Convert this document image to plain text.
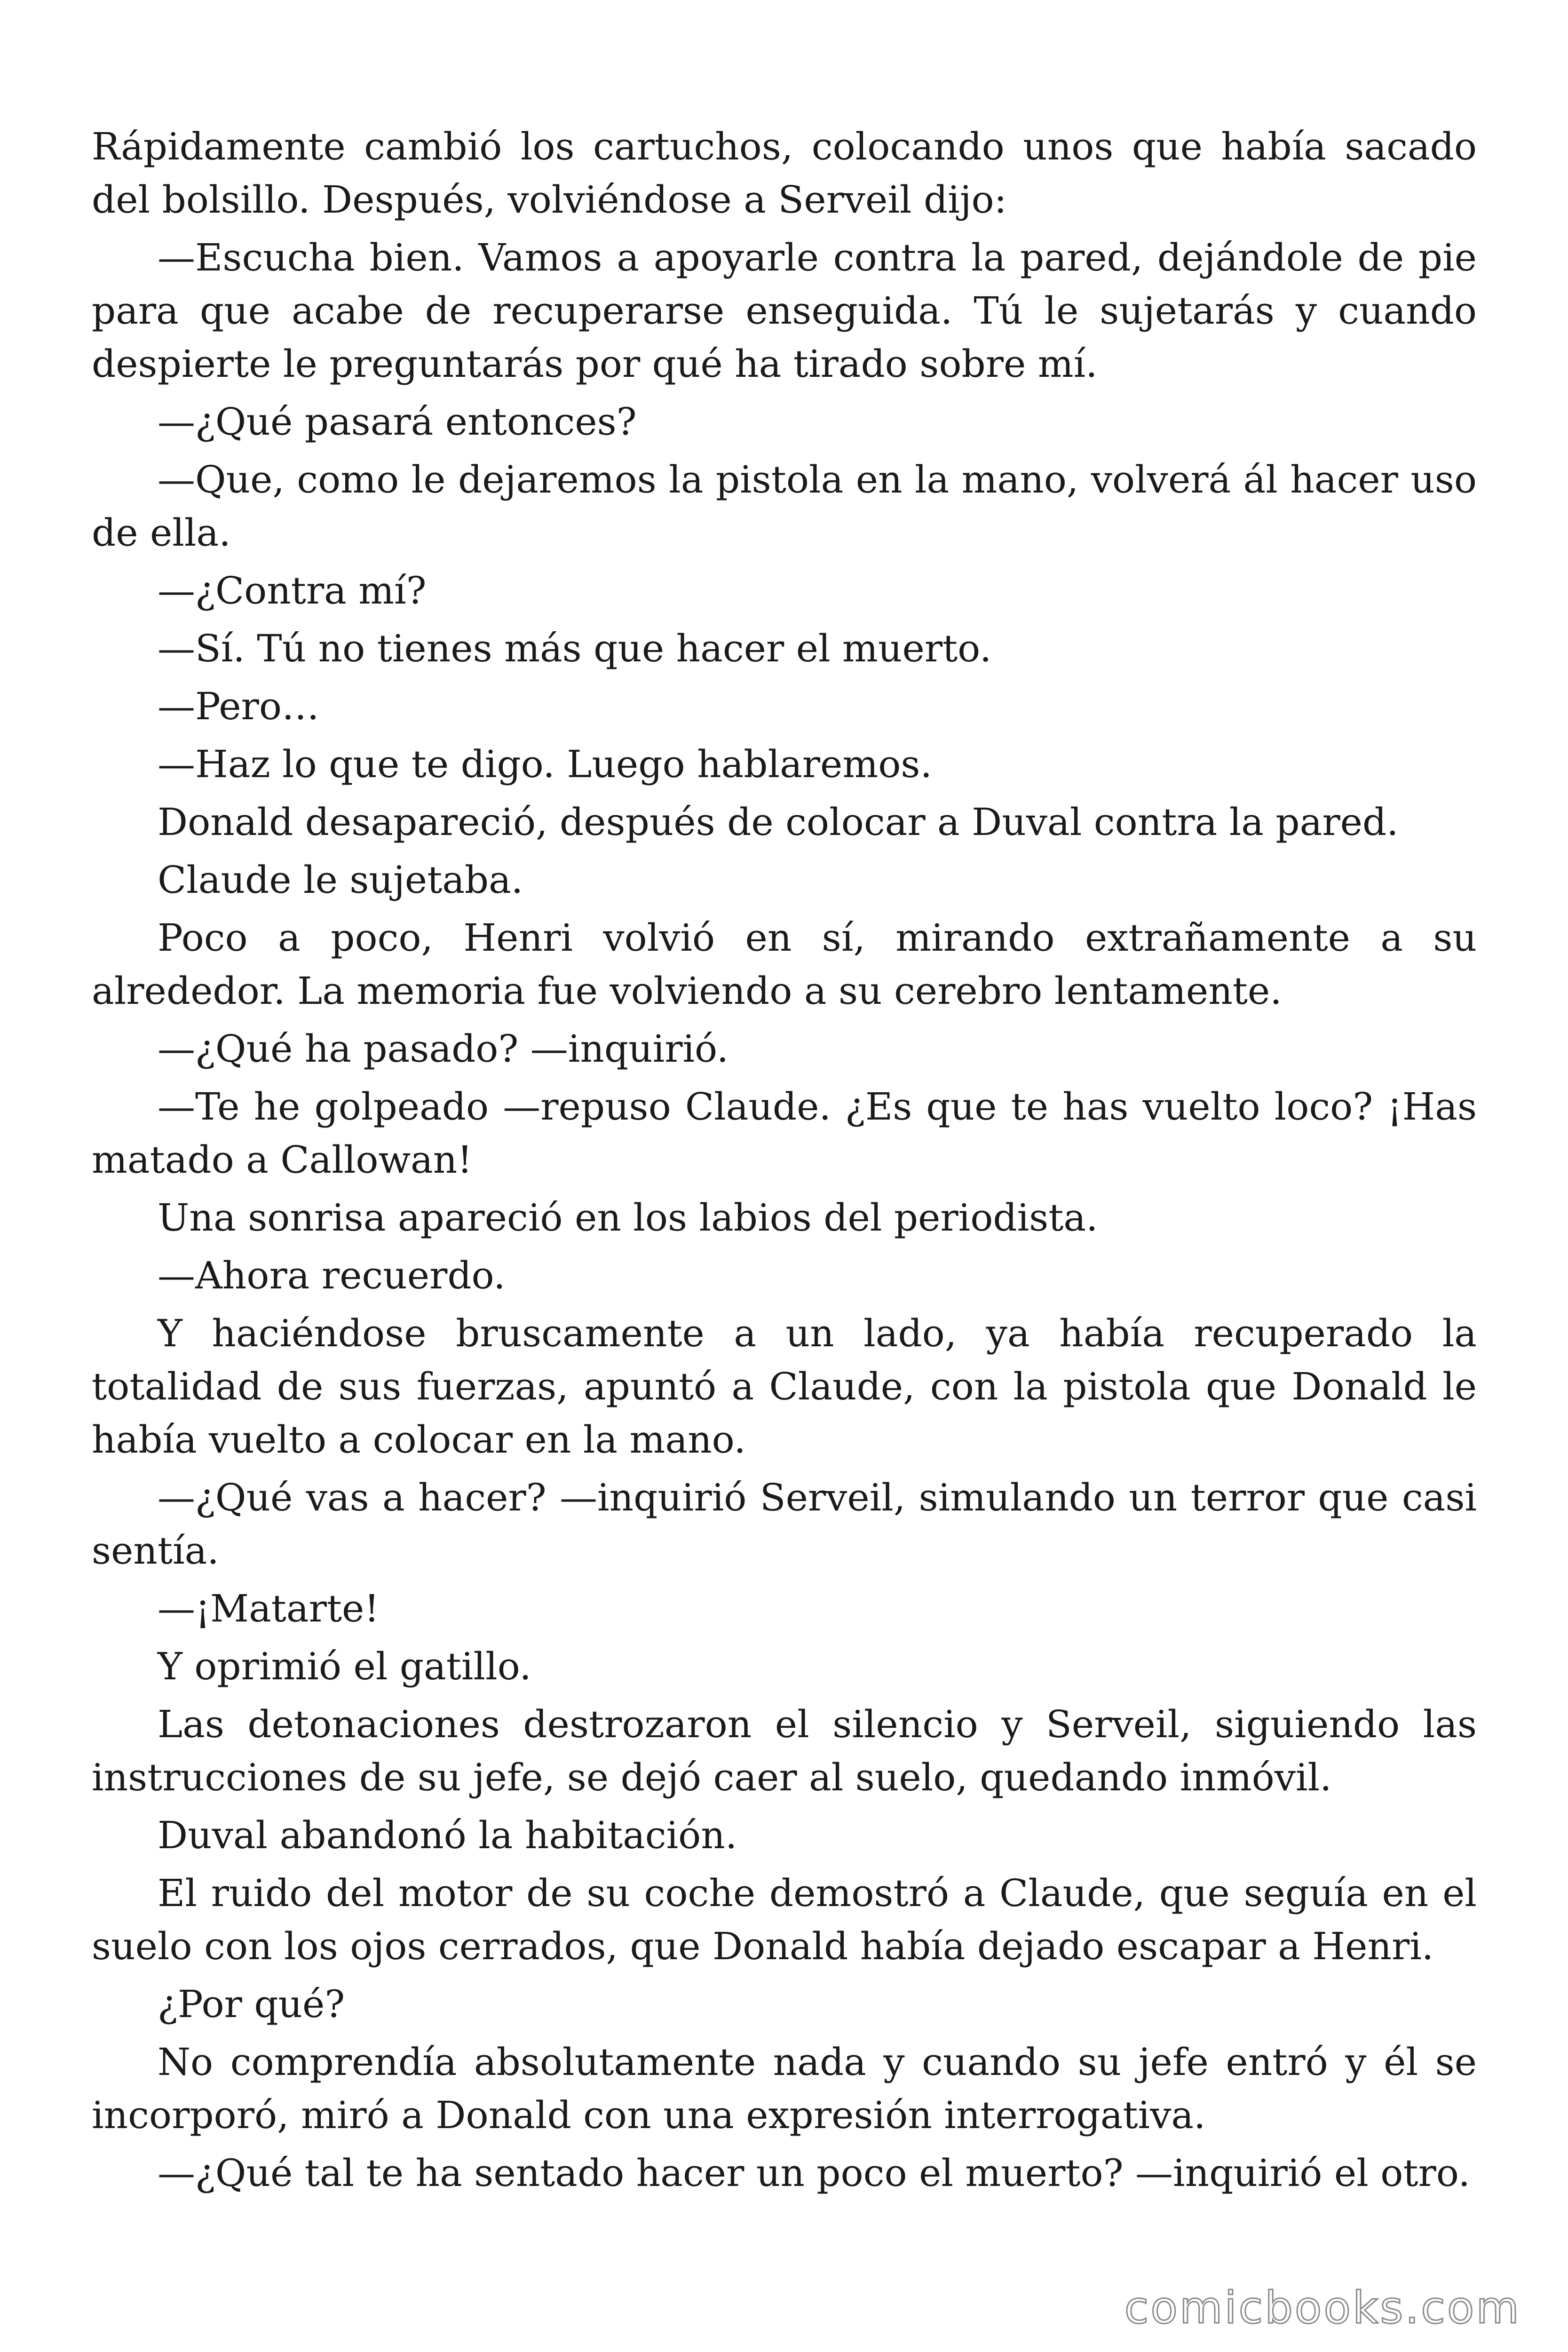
Rápidamente cambió los cartuchos, colocando unos que había sacado del bolsillo. Después, volviéndose a Serveil dijo:

—Escucha bien. Vamos a apoyarle contra la pared, dejándole de pie para que acabe de recuperarse enseguida. Tú le sujetarás y cuando despierte le preguntarás por qué ha tirado sobre mí.

—¿Qué pasará entonces?

—Que, como le dejaremos la pistola en la mano, volverá ál hacer uso de ella.

—¿Contra mí?

—Sí. Tú no tienes más que hacer el muerto.

—Pero…

—Haz lo que te digo. Luego hablaremos.

Donald desapareció, después de colocar a Duval contra la pared.

Claude le sujetaba.

Poco a poco, Henri volvió en sí, mirando extrañamente a su alrededor. La memoria fue volviendo a su cerebro lentamente.

—¿Qué ha pasado? —inquirió.

—Te he golpeado —repuso Claude. ¿Es que te has vuelto loco? ¡Has matado a Callowan!

Una sonrisa apareció en los labios del periodista.

—Ahora recuerdo.

Y haciéndose bruscamente a un lado, ya había recuperado la totalidad de sus fuerzas, apuntó a Claude, con la pistola que Donald le había vuelto a colocar en la mano.

—¿Qué vas a hacer? —inquirió Serveil, simulando un terror que casi sentía.

—¡Matarte!

Y oprimió el gatillo.

Las detonaciones destrozaron el silencio y Serveil, siguiendo las instrucciones de su jefe, se dejó caer al suelo, quedando inmóvil.

Duval abandonó la habitación.

El ruido del motor de su coche demostró a Claude, que seguía en el suelo con los ojos cerrados, que Donald había dejado escapar a Henri.

¿Por qué?

No comprendía absolutamente nada y cuando su jefe entró y él se incorporó, miró a Donald con una expresión interrogativa.

—¿Qué tal te ha sentado hacer un poco el muerto? —inquirió el otro.

comicbooks.com
